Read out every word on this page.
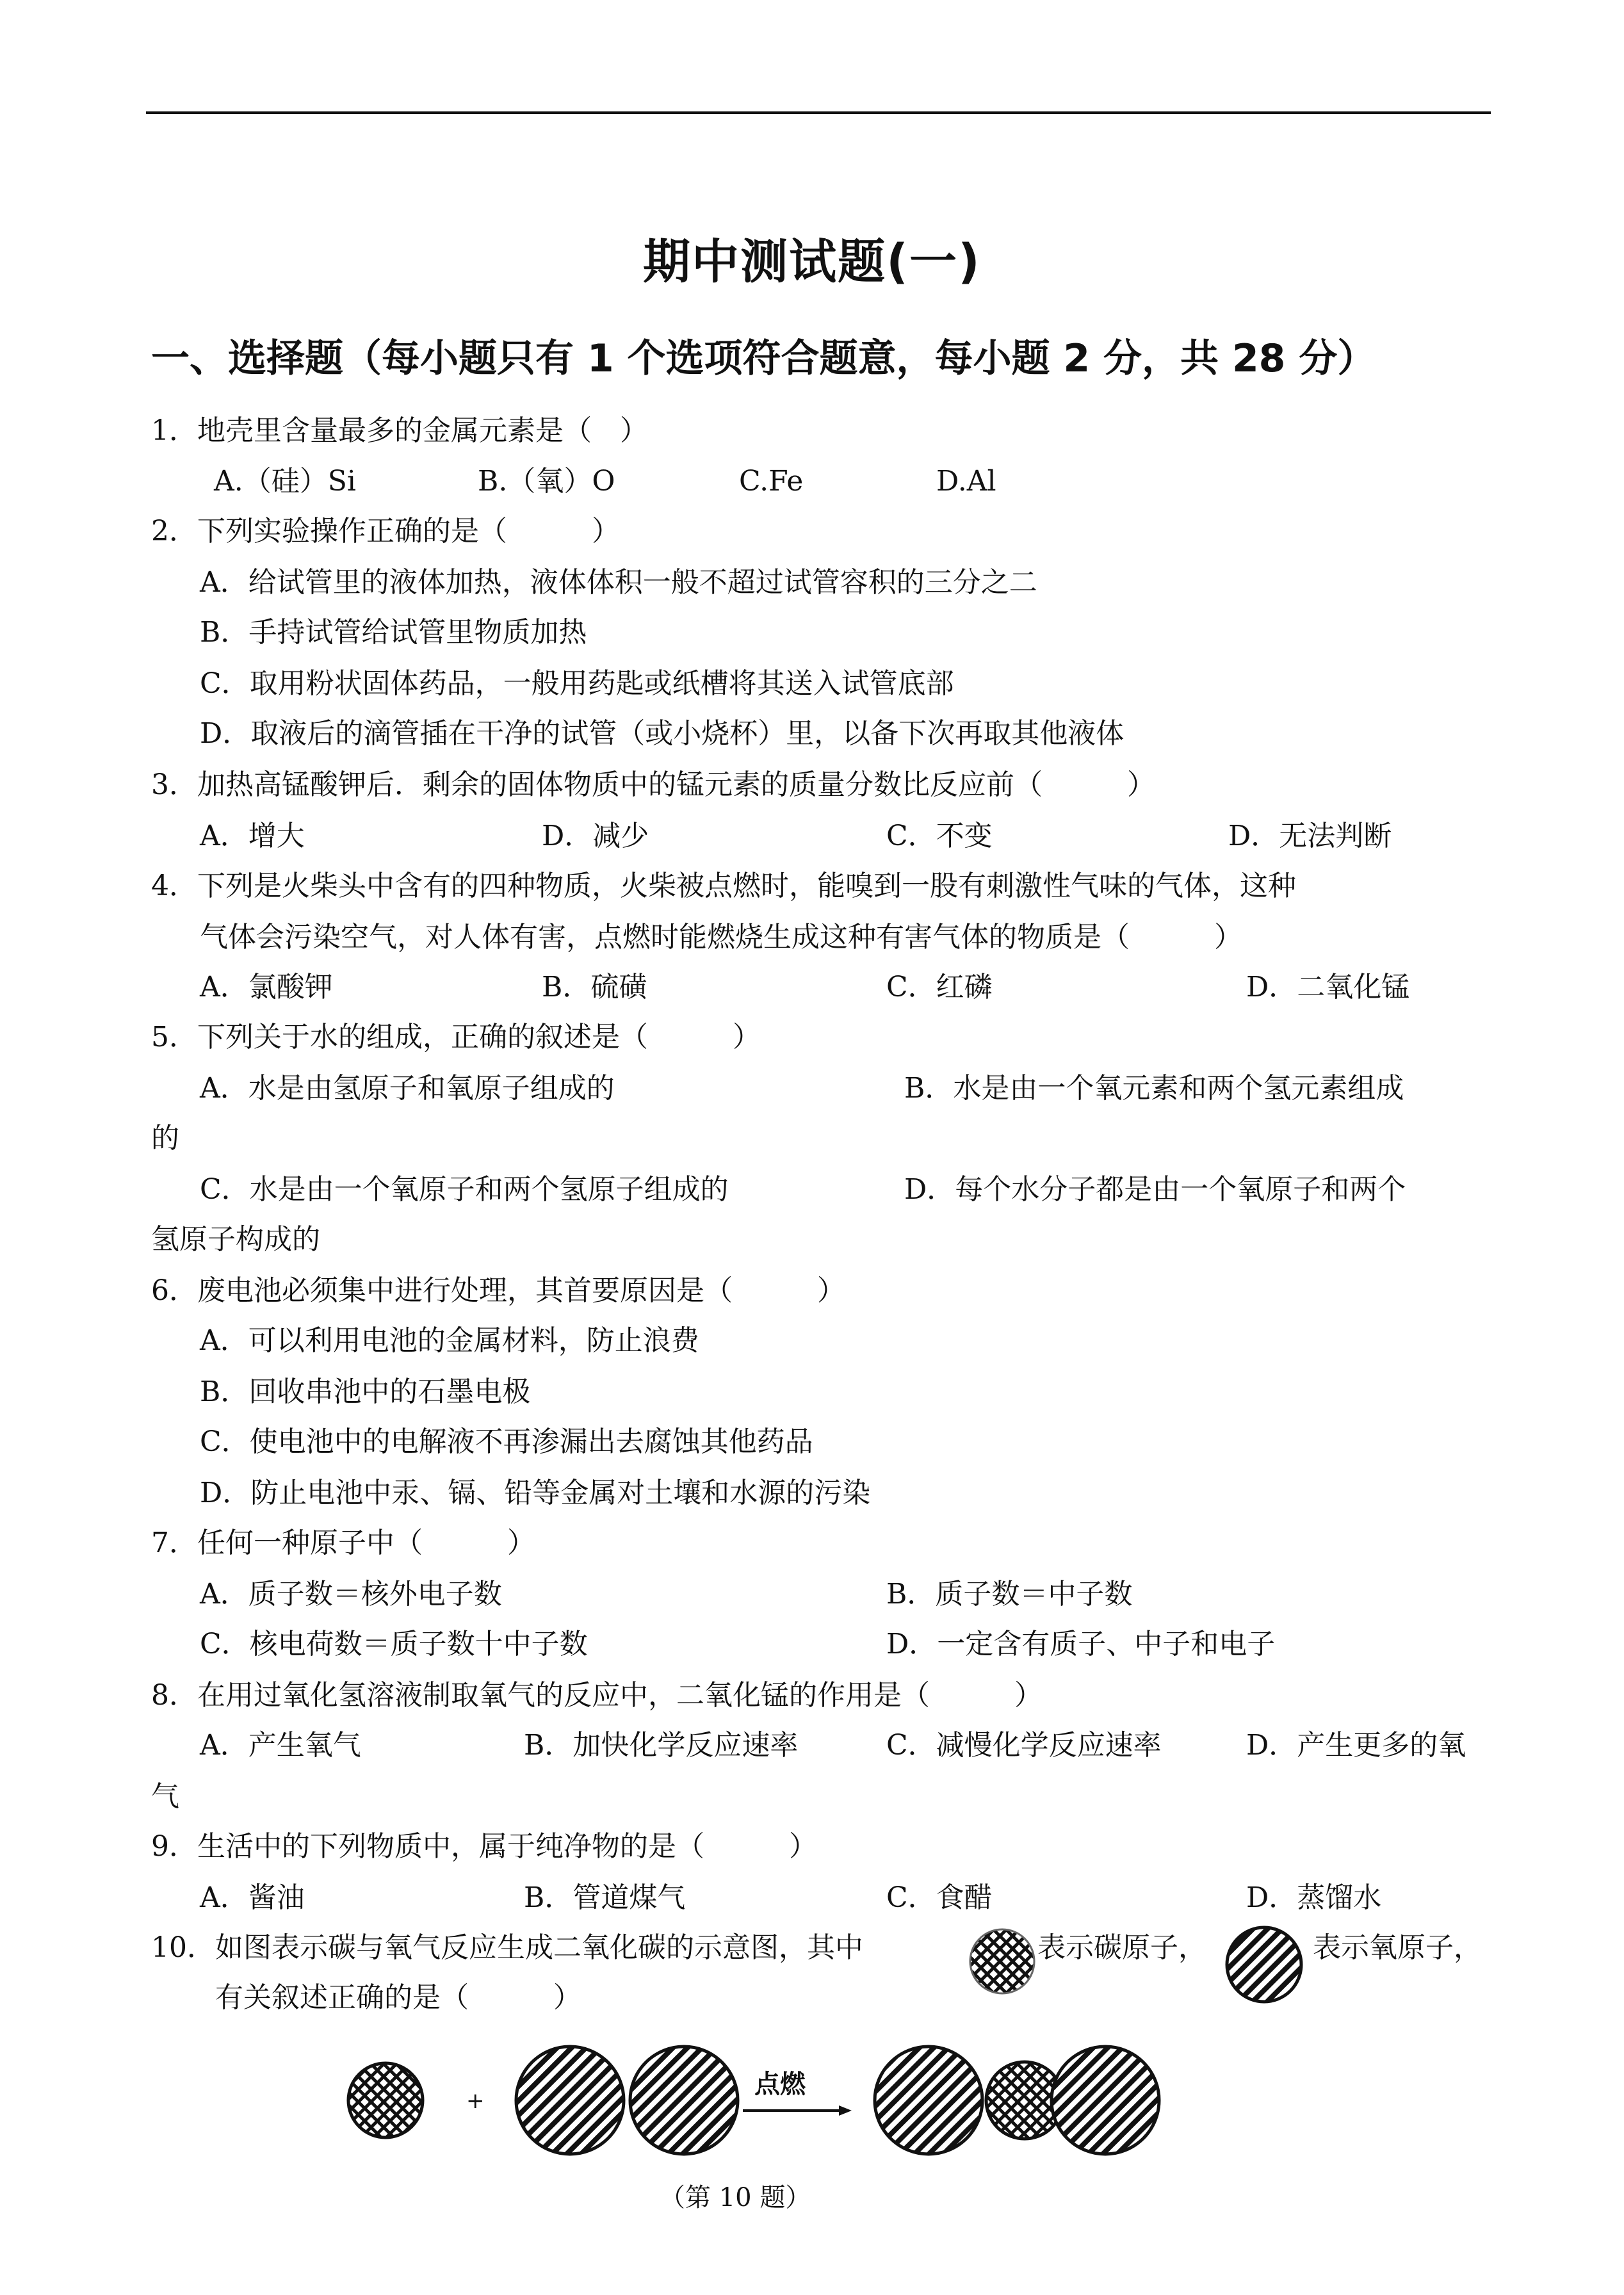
期中测试题(一)
一、选择题（每小题只有 1 个选项符合题意，每小题 2 分，共 28 分）
1．地壳里含量最多的金属元素是（　）
A.（硅）Si	B.（氧）O	C.Fe	D.Al
2．下列实验操作正确的是（　　　）
A．给试管里的液体加热，液体体积一般不超过试管容积的三分之二
B．手持试管给试管里物质加热
C．取用粉状固体药品，一般用药匙或纸槽将其送入试管底部
D．取液后的滴管插在干净的试管（或小烧杯）里，以备下次再取其他液体
3．加热高锰酸钾后．剩余的固体物质中的锰元素的质量分数比反应前（　　　）
A．增大	D．减少	C．不变	D．无法判断
4．下列是火柴头中含有的四种物质，火柴被点燃时，能嗅到一股有刺激性气味的气体，这种
气体会污染空气，对人体有害，点燃时能燃烧生成这种有害气体的物质是（　　　）
A．氯酸钾	B．硫磺	C．红磷	D．二氧化锰
5．下列关于水的组成，正确的叙述是（　　　）
A．水是由氢原子和氧原子组成的	B．水是由一个氧元素和两个氢元素组成
的
C．水是由一个氧原子和两个氢原子组成的	D．每个水分子都是由一个氧原子和两个
氢原子构成的
6．废电池必须集中进行处理，其首要原因是（　　　）
A．可以利用电池的金属材料，防止浪费
B．回收串池中的石墨电极
C．使电池中的电解液不再渗漏出去腐蚀其他药品
D．防止电池中汞、镉、铅等金属对土壤和水源的污染
7．任何一种原子中（　　　）
A．质子数＝核外电子数	B．质子数＝中子数
C．核电荷数＝质子数十中子数	D．一定含有质子、中子和电子
8．在用过氧化氢溶液制取氧气的反应中，二氧化锰的作用是（　　　）
A．产生氧气	B．加快化学反应速率	C．减慢化学反应速率	D．产生更多的氧
气
9．生活中的下列物质中，属于纯净物的是（　　　）
A．酱油	B．管道煤气	C．食醋	D．蒸馏水
10．如图表示碳与氧气反应生成二氧化碳的示意图，其中	表示碳原子，	表示氧原子，
有关叙述正确的是（　　　）
+
点燃
（第 10 题）
